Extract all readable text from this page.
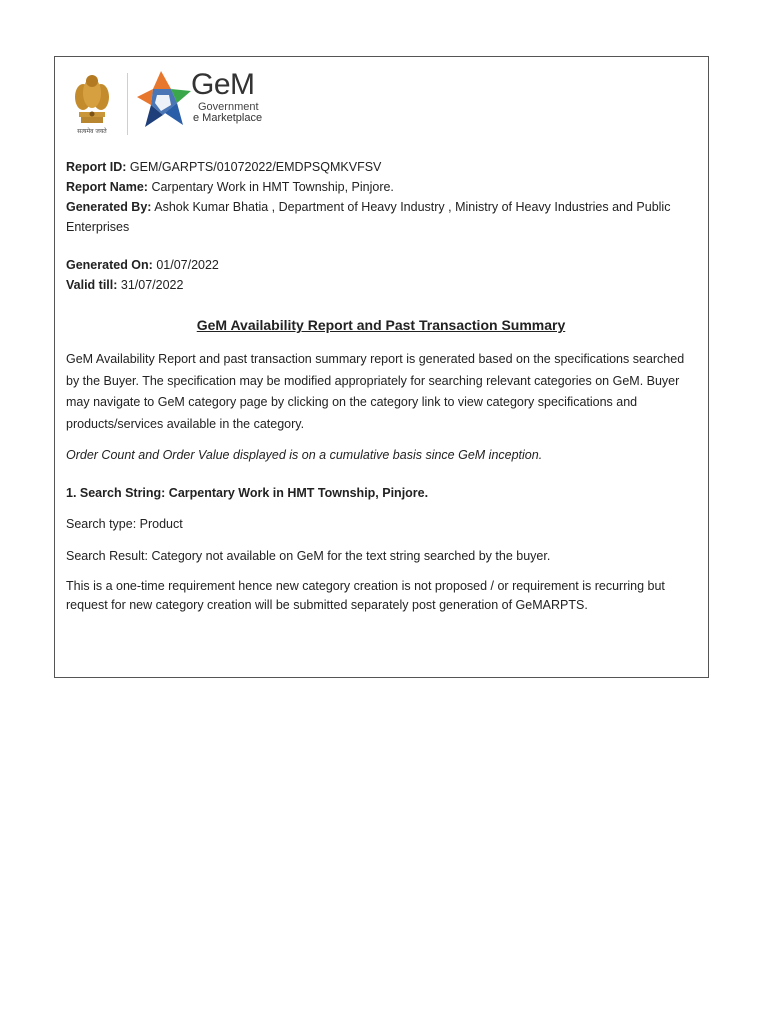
सत्यमेव जयते
GeM
Government
e Marketplace

Report ID: GEM/GARPTS/01072022/EMDPSQMKVFSV

Report Name: Carpentary Work in HMT Township, Pinjore.

Generated By: Ashok Kumar Bhatia , Department of Heavy Industry , Ministry of Heavy Industries and Public Enterprises

Generated On: 01/07/2022

Valid till: 31/07/2022

GeM Availability Report and Past Transaction Summary

GeM Availability Report and past transaction summary report is generated based on the specifications searched by the Buyer. The specification may be modified appropriately for searching relevant categories on GeM. Buyer may navigate to GeM category page by clicking on the category link to view category specifications and products/services available in the category.

Order Count and Order Value displayed is on a cumulative basis since GeM inception.

1. Search String: Carpentary Work in HMT Township, Pinjore.

Search type: Product

Search Result: Category not available on GeM for the text string searched by the buyer.

This is a one-time requirement hence new category creation is not proposed / or requirement is recurring but request for new category creation will be submitted separately post generation of GeMARPTS.
